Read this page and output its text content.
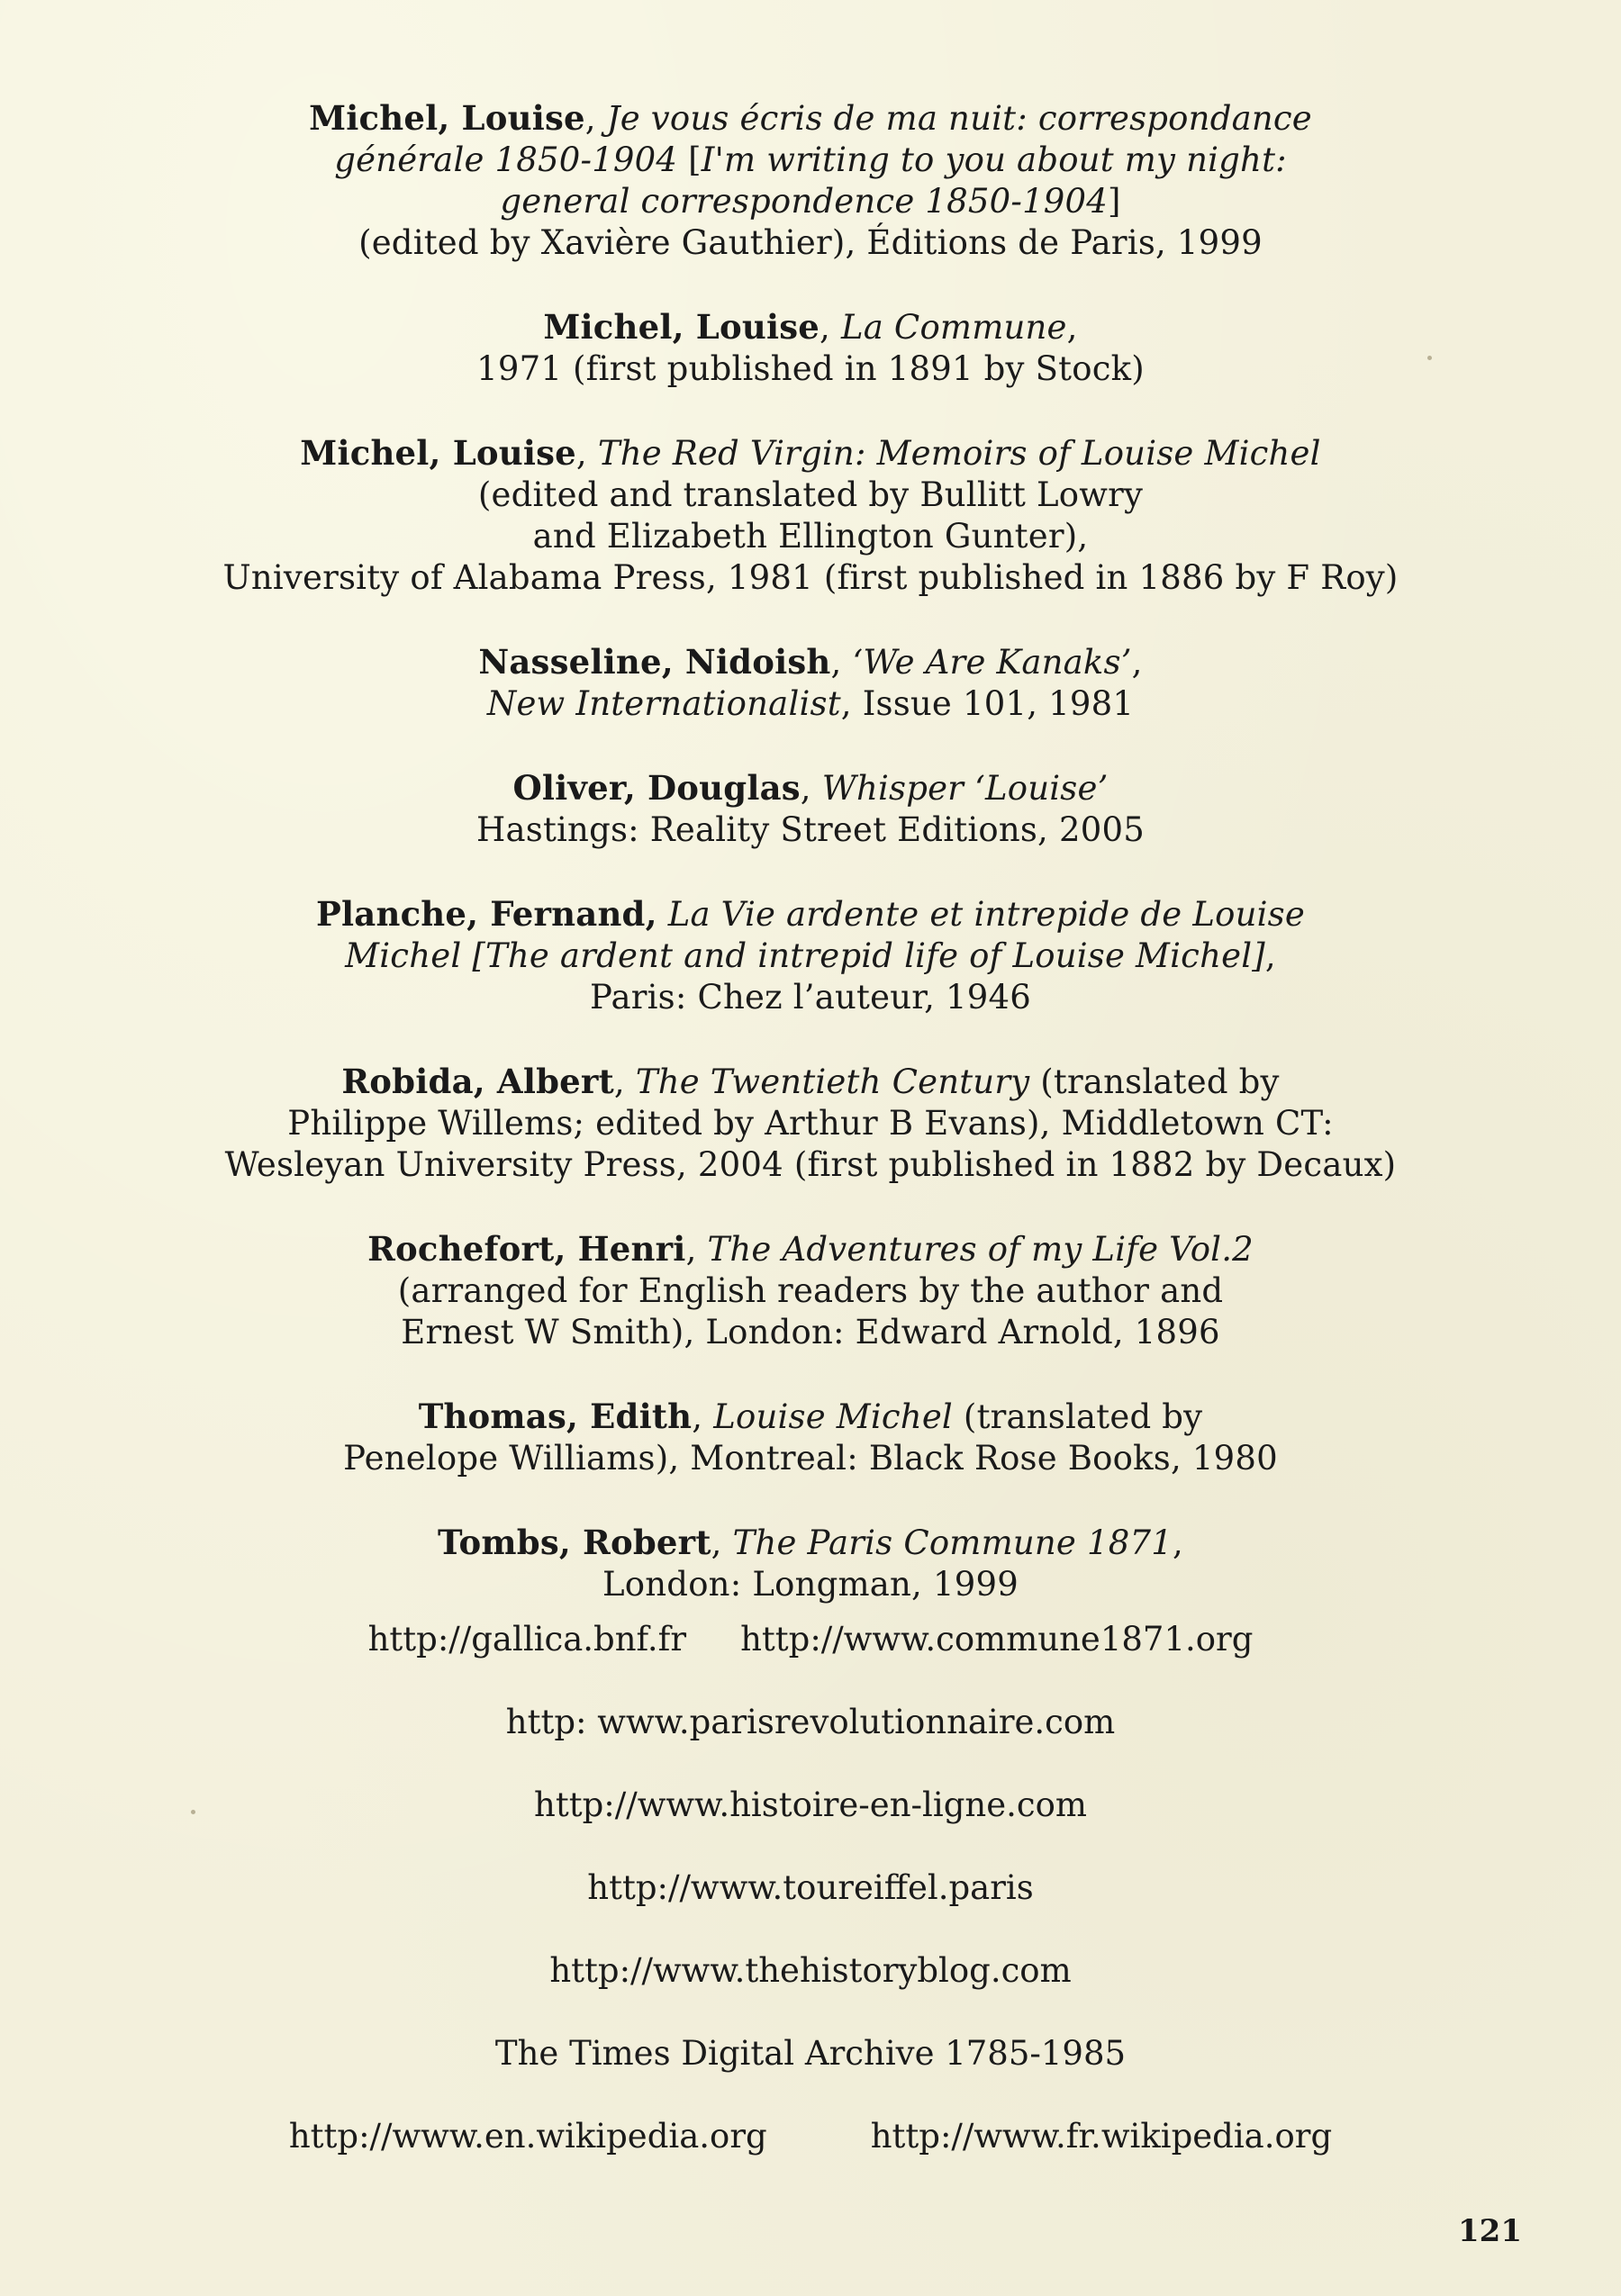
Michel, Louise, Je vous écris de ma nuit: correspondance
générale 1850-1904 [I'm writing to you about my night:
general correspondence 1850-1904]
(edited by Xavière Gauthier), Éditions de Paris, 1999
Michel, Louise, La Commune,
1971 (first published in 1891 by Stock)
Michel, Louise, The Red Virgin: Memoirs of Louise Michel
(edited and translated by Bullitt Lowry
and Elizabeth Ellington Gunter),
University of Alabama Press, 1981 (first published in 1886 by F Roy)
Nasseline, Nidoish, ‘We Are Kanaks’,
New Internationalist, Issue 101, 1981
Oliver, Douglas, Whisper ‘Louise’
Hastings: Reality Street Editions, 2005
Planche, Fernand, La Vie ardente et intrepide de Louise
Michel [The ardent and intrepid life of Louise Michel],
Paris: Chez l’auteur, 1946
Robida, Albert, The Twentieth Century (translated by
Philippe Willems; edited by Arthur B Evans), Middletown CT:
Wesleyan University Press, 2004 (first published in 1882 by Decaux)
Rochefort, Henri, The Adventures of my Life Vol.2
(arranged for English readers by the author and
Ernest W Smith), London: Edward Arnold, 1896
Thomas, Edith, Louise Michel (translated by
Penelope Williams), Montreal: Black Rose Books, 1980
Tombs, Robert, The Paris Commune 1871,
London: Longman, 1999
http://gallica.bnf.fr http://www.commune1871.org
http: www.parisrevolutionnaire.com
http://www.histoire-en-ligne.com
http://www.toureiffel.paris
http://www.thehistoryblog.com
The Times Digital Archive 1785-1985
http://www.en.wikipedia.org	http://www.fr.wikipedia.org
121
